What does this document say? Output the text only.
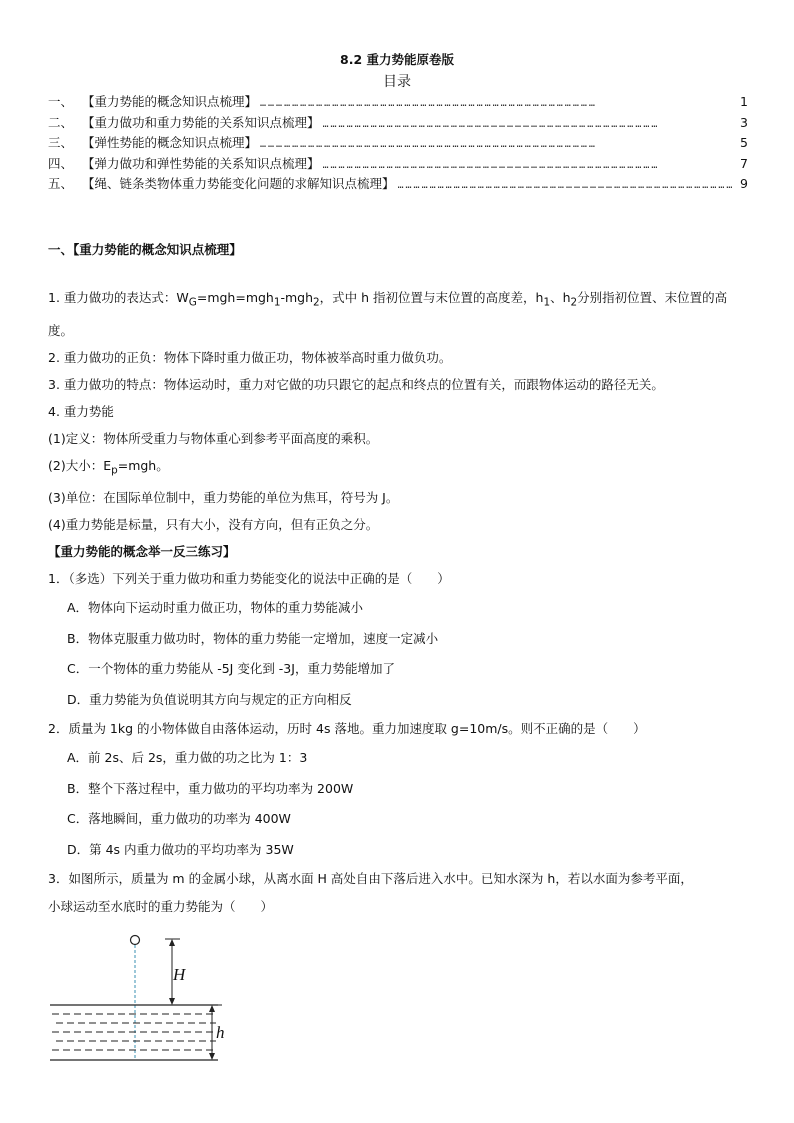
8.2 重力势能原卷版
目录
一、 【重力势能的概念知识点梳理】 ………………………………………………………………………………………………………………	1
二、 【重力做功和重力势能的关系知识点梳理】 ………………………………………………………………………………………………………………	3
三、 【弹性势能的概念知识点梳理】 ………………………………………………………………………………………………………………	5
四、 【弹力做功和弹性势能的关系知识点梳理】 ………………………………………………………………………………………………………………	7
五、 【绳、链条类物体重力势能变化问题的求解知识点梳理】 ……………………………………………………………………………………………………………… 9
一、【重力势能的概念知识点梳理】

1. 重力做功的表达式：$W_G=mgh=mgh_1-mgh_2$，式中 h 指初位置与末位置的高度差，$h_1$、$h_2$分别指初位置、末位置的高

度。

2. 重力做功的正负：物体下降时重力做正功，物体被举高时重力做负功。

3. 重力做功的特点：物体运动时，重力对它做的功只跟它的起点和终点的位置有关，而跟物体运动的路径无关。

4. 重力势能

(1)定义：物体所受重力与物体重心到参考平面高度的乘积。

(2)大小：$E_p=mgh$。

(3)单位：在国际单位制中，重力势能的单位为焦耳，符号为 J。

(4)重力势能是标量，只有大小，没有方向，但有正负之分。

【重力势能的概念举一反三练习】

1．（多选）下列关于重力做功和重力势能变化的说法中正确的是（　　）
A．物体向下运动时重力做正功，物体的重力势能减小
B．物体克服重力做功时，物体的重力势能一定增加，速度一定减小
C．一个物体的重力势能从 -5J 变化到 -3J，重力势能增加了
D．重力势能为负值说明其方向与规定的正方向相反
2．质量为 1kg 的小物体做自由落体运动，历时 4s 落地。重力加速度取 g=10m/s。则不正确的是（　　）
A．前 2s、后 2s，重力做的功之比为 1：3
B．整个下落过程中，重力做功的平均功率为 200W
C．落地瞬间，重力做功的功率为 400W
D．第 4s 内重力做功的平均功率为 35W
3．如图所示，质量为 m 的金属小球，从离水面 H 高处自由下落后进入水中。已知水深为 h，若以水面为参考平面，
小球运动至水底时的重力势能为（　　）
H
h
